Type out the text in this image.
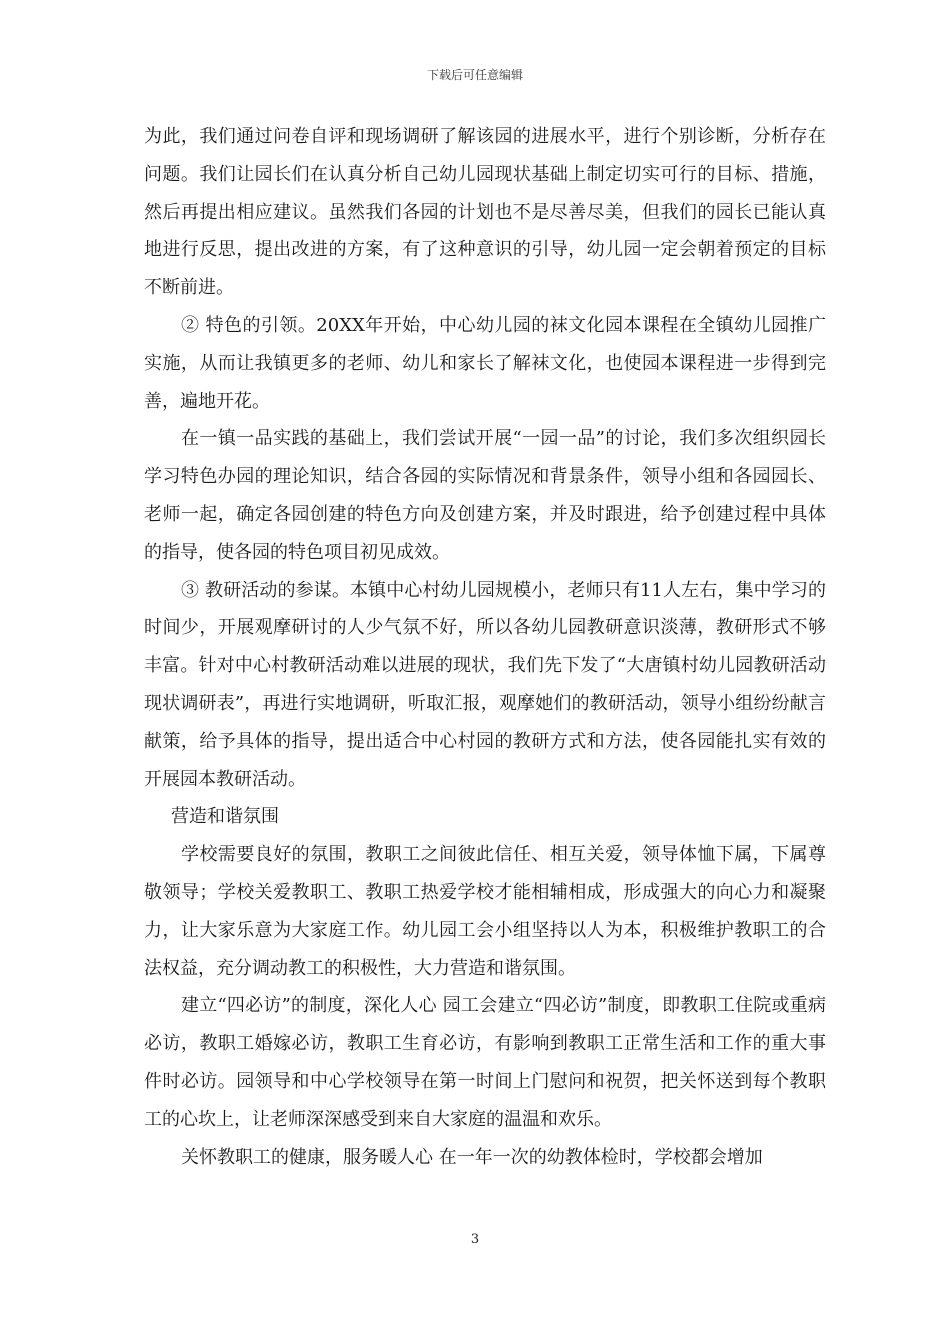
下载后可任意编辑

为此，我们通过问卷自评和现场调研了解该园的进展水平，进行个别诊断，分析存在问题。我们让园长们在认真分析自己幼儿园现状基础上制定切实可行的目标、措施，然后再提出相应建议。虽然我们各园的计划也不是尽善尽美，但我们的园长已能认真地进行反思，提出改进的方案，有了这种意识的引导，幼儿园一定会朝着预定的目标不断前进。

② 特色的引领。20XX年开始，中心幼儿园的袜文化园本课程在全镇幼儿园推广实施，从而让我镇更多的老师、幼儿和家长了解袜文化，也使园本课程进一步得到完善，遍地开花。

在一镇一品实践的基础上，我们尝试开展“一园一品”的讨论，我们多次组织园长学习特色办园的理论知识，结合各园的实际情况和背景条件，领导小组和各园园长、老师一起，确定各园创建的特色方向及创建方案，并及时跟进，给予创建过程中具体的指导，使各园的特色项目初见成效。

③ 教研活动的参谋。本镇中心村幼儿园规模小，老师只有11人左右，集中学习的时间少，开展观摩研讨的人少气氛不好，所以各幼儿园教研意识淡薄，教研形式不够丰富。针对中心村教研活动难以进展的现状，我们先下发了“大唐镇村幼儿园教研活动现状调研表”，再进行实地调研，听取汇报，观摩她们的教研活动，领导小组纷纷献言献策，给予具体的指导，提出适合中心村园的教研方式和方法，使各园能扎实有效的开展园本教研活动。

营造和谐氛围

学校需要良好的氛围，教职工之间彼此信任、相互关爱，领导体恤下属，下属尊敬领导；学校关爱教职工、教职工热爱学校才能相辅相成，形成强大的向心力和凝聚力，让大家乐意为大家庭工作。幼儿园工会小组坚持以人为本，积极维护教职工的合法权益，充分调动教工的积极性，大力营造和谐氛围。

建立“四必访”的制度，深化人心 园工会建立“四必访”制度，即教职工住院或重病必访，教职工婚嫁必访，教职工生育必访，有影响到教职工正常生活和工作的重大事件时必访。园领导和中心学校领导在第一时间上门慰问和祝贺，把关怀送到每个教职工的心坎上，让老师深深感受到来自大家庭的温温和欢乐。

关怀教职工的健康，服务暖人心 在一年一次的幼教体检时，学校都会增加

3
